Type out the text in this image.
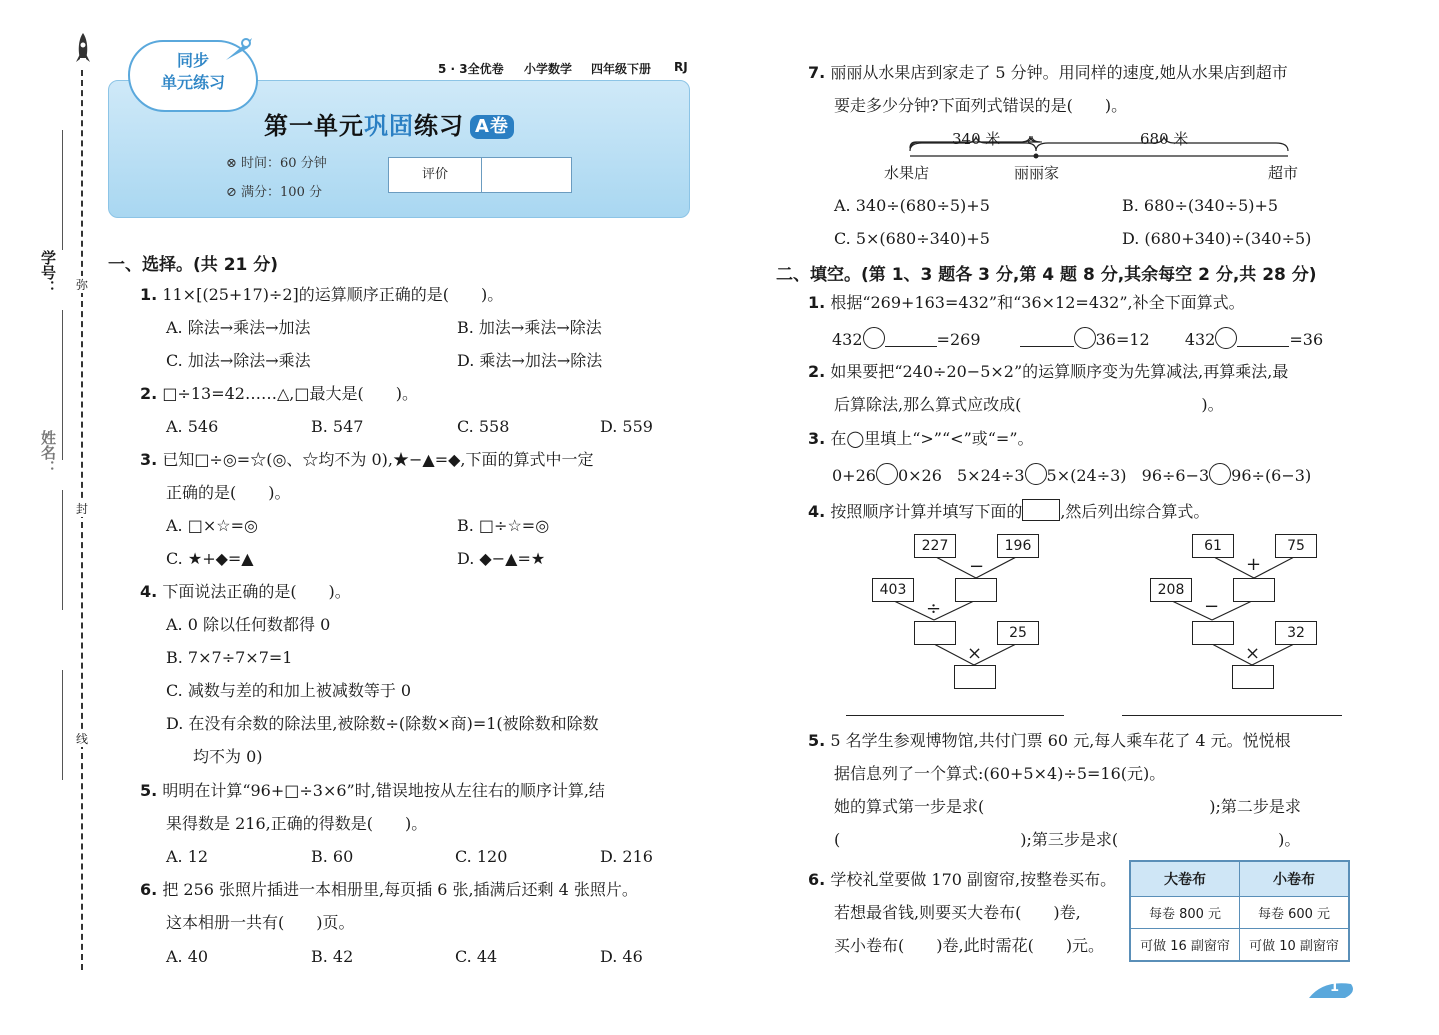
弥
封
线
学号：
姓名：
同步
单元练习
5 · 3全优卷 小学数学 四年级下册 RJ
第一单元巩固练习 A卷
⊗ 时间：60 分钟
⊘ 满分：100 分
评价
一、选择。(共 21 分)
1. 11×[(25+17)÷2]的运算顺序正确的是(　　)。
A. 除法→乘法→加法	B. 加法→乘法→除法
C. 加法→除法→乘法	D. 乘法→加法→除法
2. □÷13=42……△,□最大是(　　)。
A. 546	B. 547	C. 558	D. 559
3. 已知□÷◎=☆(◎、☆均不为 0),★−▲=◆,下面的算式中一定
正确的是(　　)。
A. □×☆=◎	B. □÷☆=◎
C. ★+◆=▲	D. ◆−▲=★
4. 下面说法正确的是(　　)。
A. 0 除以任何数都得 0
B. 7×7÷7×7=1
C. 减数与差的和加上被减数等于 0
D. 在没有余数的除法里,被除数÷(除数×商)=1(被除数和除数
均不为 0)
5. 明明在计算“96+□÷3×6”时,错误地按从左往右的顺序计算,结
果得数是 216,正确的得数是(　　)。
A. 12	B. 60	C. 120	D. 216
6. 把 256 张照片插进一本相册里,每页插 6 张,插满后还剩 4 张照片。
这本相册一共有(　　)页。
A. 40	B. 42	C. 44	D. 46
7. 丽丽从水果店到家走了 5 分钟。用同样的速度,她从水果店到超市
要走多少分钟?下面列式错误的是(　　)。
340 米	680 米
水果店	丽丽家	超市
A. 340÷(680÷5)+5	B. 680÷(340÷5)+5
C. 5×(680÷340)+5	D. (680+340)÷(340÷5)
二、填空。(第 1、3 题各 3 分,第 4 题 8 分,其余每空 2 分,共 28 分)
1. 根据“269+163=432”和“36×12=432”,补全下面算式。
432	=269	36=12 432	=36
2. 如果要把“240÷20−5×2”的运算顺序变为先算减法,再算乘法,最
后算除法,那么算式应改成(	)。
3. 在◯里填上“>”“<”或“=”。
0+26 0×26 5×24÷3 5×(24÷3) 96÷6−3 96÷(6−3)
4. 按照顺序计算并填写下面的 ,然后列出综合算式。
227	196
−
403
÷
25
×
61	75
+
208
−
32
×
5. 5 名学生参观博物馆,共付门票 60 元,每人乘车花了 4 元。悦悦根
据信息列了一个算式:(60+5×4)÷5=16(元)。
她的算式第一步是求(	);第二步是求
(	);第三步是求(	)。
6. 学校礼堂要做 170 副窗帘,按整卷买布。
若想最省钱,则要买大卷布(　　)卷,
买小卷布(　　)卷,此时需花(　　)元。
大卷布	小卷布
每卷 800 元	每卷 600 元
可做 16 副窗帘	可做 10 副窗帘
1
